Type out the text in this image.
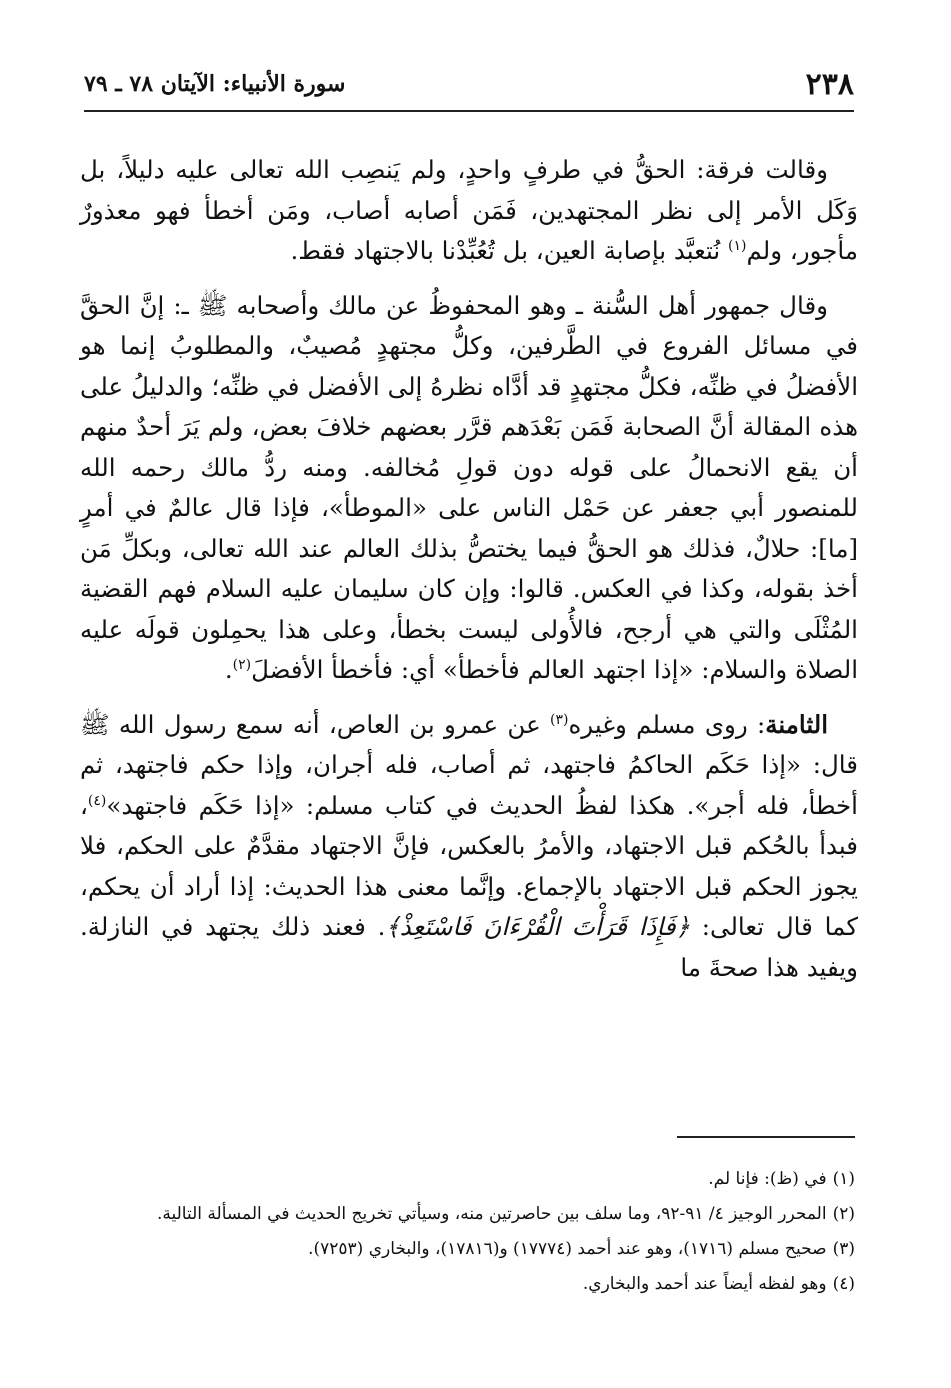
٢٣٨
سورة الأنبياء: الآيتان ٧٨ ـ ٧٩

وقالت فرقة: الحقُّ في طرفٍ واحدٍ، ولم يَنصِب الله تعالى عليه دليلاً، بل وَكَل الأمر إلى نظر المجتهدين، فَمَن أصابه أصاب، ومَن أخطأ فهو معذورٌ مأجور، ولم$^{(١)}$ نُتعبَّد بإصابة العين، بل تُعُبِّدْنا بالاجتهاد فقط.

وقال جمهور أهل السُّنة ـ وهو المحفوظُ عن مالك وأصحابه ﷺ ـ: إنَّ الحقَّ في مسائل الفروع في الطَّرفين، وكلُّ مجتهدٍ مُصيبٌ، والمطلوبُ إنما هو الأفضلُ في ظنِّه، فكلُّ مجتهدٍ قد أدَّاه نظرهُ إلى الأفضل في ظنِّه؛ والدليلُ على هذه المقالة أنَّ الصحابة فَمَن بَعْدَهم قرَّر بعضهم خلافَ بعض، ولم يَرَ أحدٌ منهم أن يقع الانحمالُ على قوله دون قولِ مُخالفه. ومنه ردُّ مالك رحمه الله للمنصور أبي جعفر عن حَمْل الناس على «الموطأ»، فإذا قال عالمٌ في أمرٍ [ما]: حلالٌ، فذلك هو الحقُّ فيما يختصُّ بذلك العالم عند الله تعالى، وبكلِّ مَن أخذ بقوله، وكذا في العكس. قالوا: وإن كان سليمان عليه السلام فهم القضية المُثْلَى والتي هي أرجح، فالأُولى ليست بخطأ، وعلى هذا يحمِلون قولَه عليه الصلاة والسلام: «إذا اجتهد العالم فأخطأ» أي: فأخطأ الأفضلَ$^{(٢)}$.

الثامنة: روى مسلم وغيره$^{(٣)}$ عن عمرو بن العاص، أنه سمع رسول الله ﷺ قال: «إذا حَكَم الحاكمُ فاجتهد، ثم أصاب، فله أجران، وإذا حكم فاجتهد، ثم أخطأ، فله أجر». هكذا لفظُ الحديث في كتاب مسلم: «إذا حَكَم فاجتهد»$^{(٤)}$، فبدأ بالحُكم قبل الاجتهاد، والأمرُ بالعكس، فإنَّ الاجتهاد مقدَّمٌ على الحكم، فلا يجوز الحكم قبل الاجتهاد بالإجماع. وإنَّما معنى هذا الحديث: إذا أراد أن يحكم، كما قال تعالى: ﴿فَإِذَا قَرَأْتَ الْقُرْءَانَ فَاسْتَعِذْ﴾. فعند ذلك يجتهد في النازلة. ويفيد هذا صحةَ ما

(١)
في (ظ): فإنا لم.
(٢)
المحرر الوجيز ٤/ ٩١-٩٢، وما سلف بين حاصرتين منه، وسيأتي تخريج الحديث في المسألة التالية.
(٣)
صحيح مسلم (١٧١٦)، وهو عند أحمد (١٧٧٧٤) و(١٧٨١٦)، والبخاري (٧٢٥٣).
(٤)
وهو لفظه أيضاً عند أحمد والبخاري.
